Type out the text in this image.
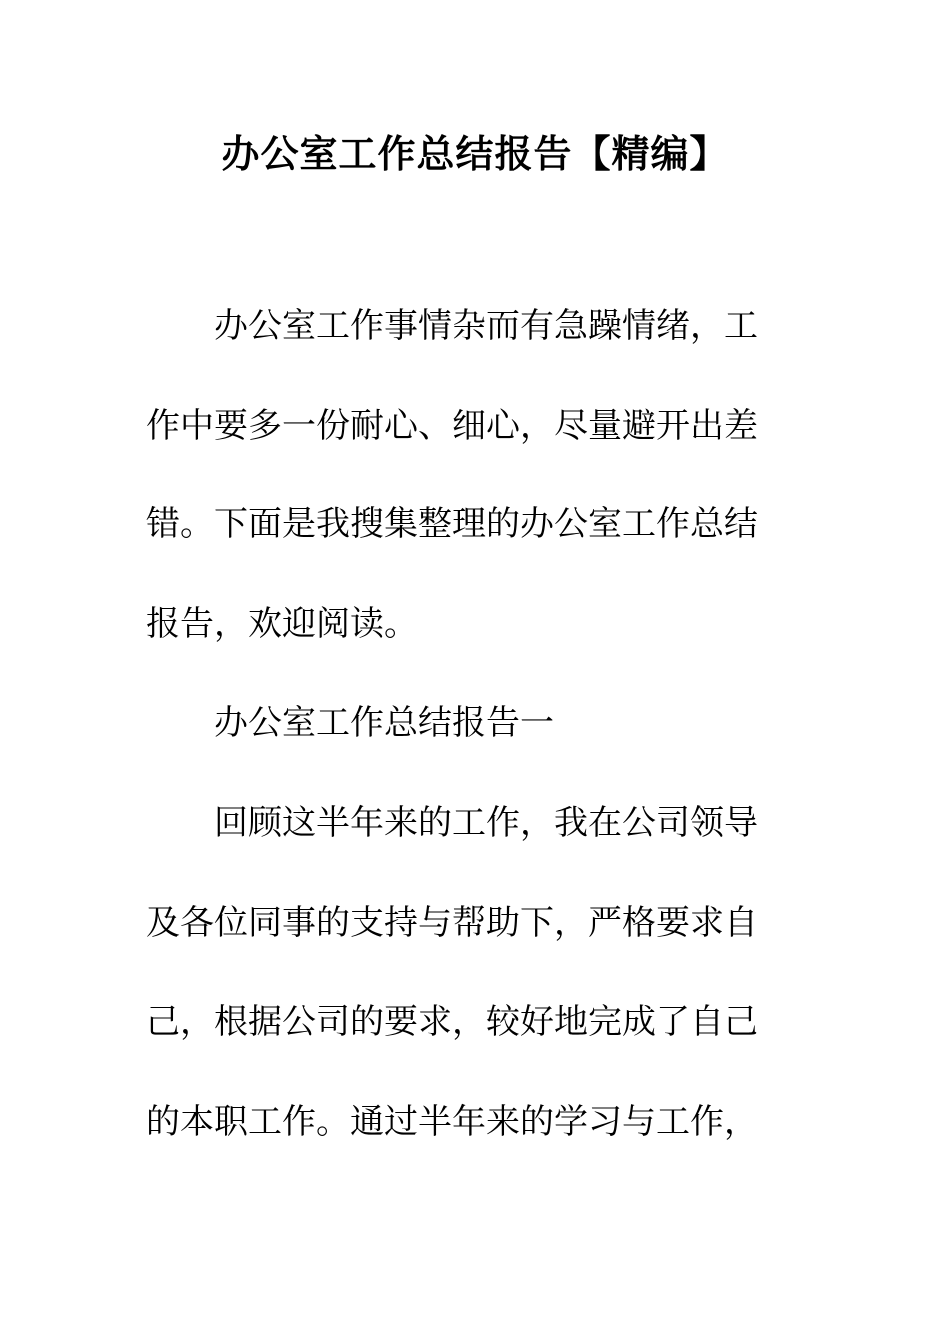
办公室工作总结报告【精编】

办公室工作事情杂而有急躁情绪，工

作中要多一份耐心、细心，尽量避开出差

错。下面是我搜集整理的办公室工作总结

报告，欢迎阅读。

办公室工作总结报告一

回顾这半年来的工作，我在公司领导

及各位同事的支持与帮助下，严格要求自

己，根据公司的要求，较好地完成了自己

的本职工作。通过半年来的学习与工作，
